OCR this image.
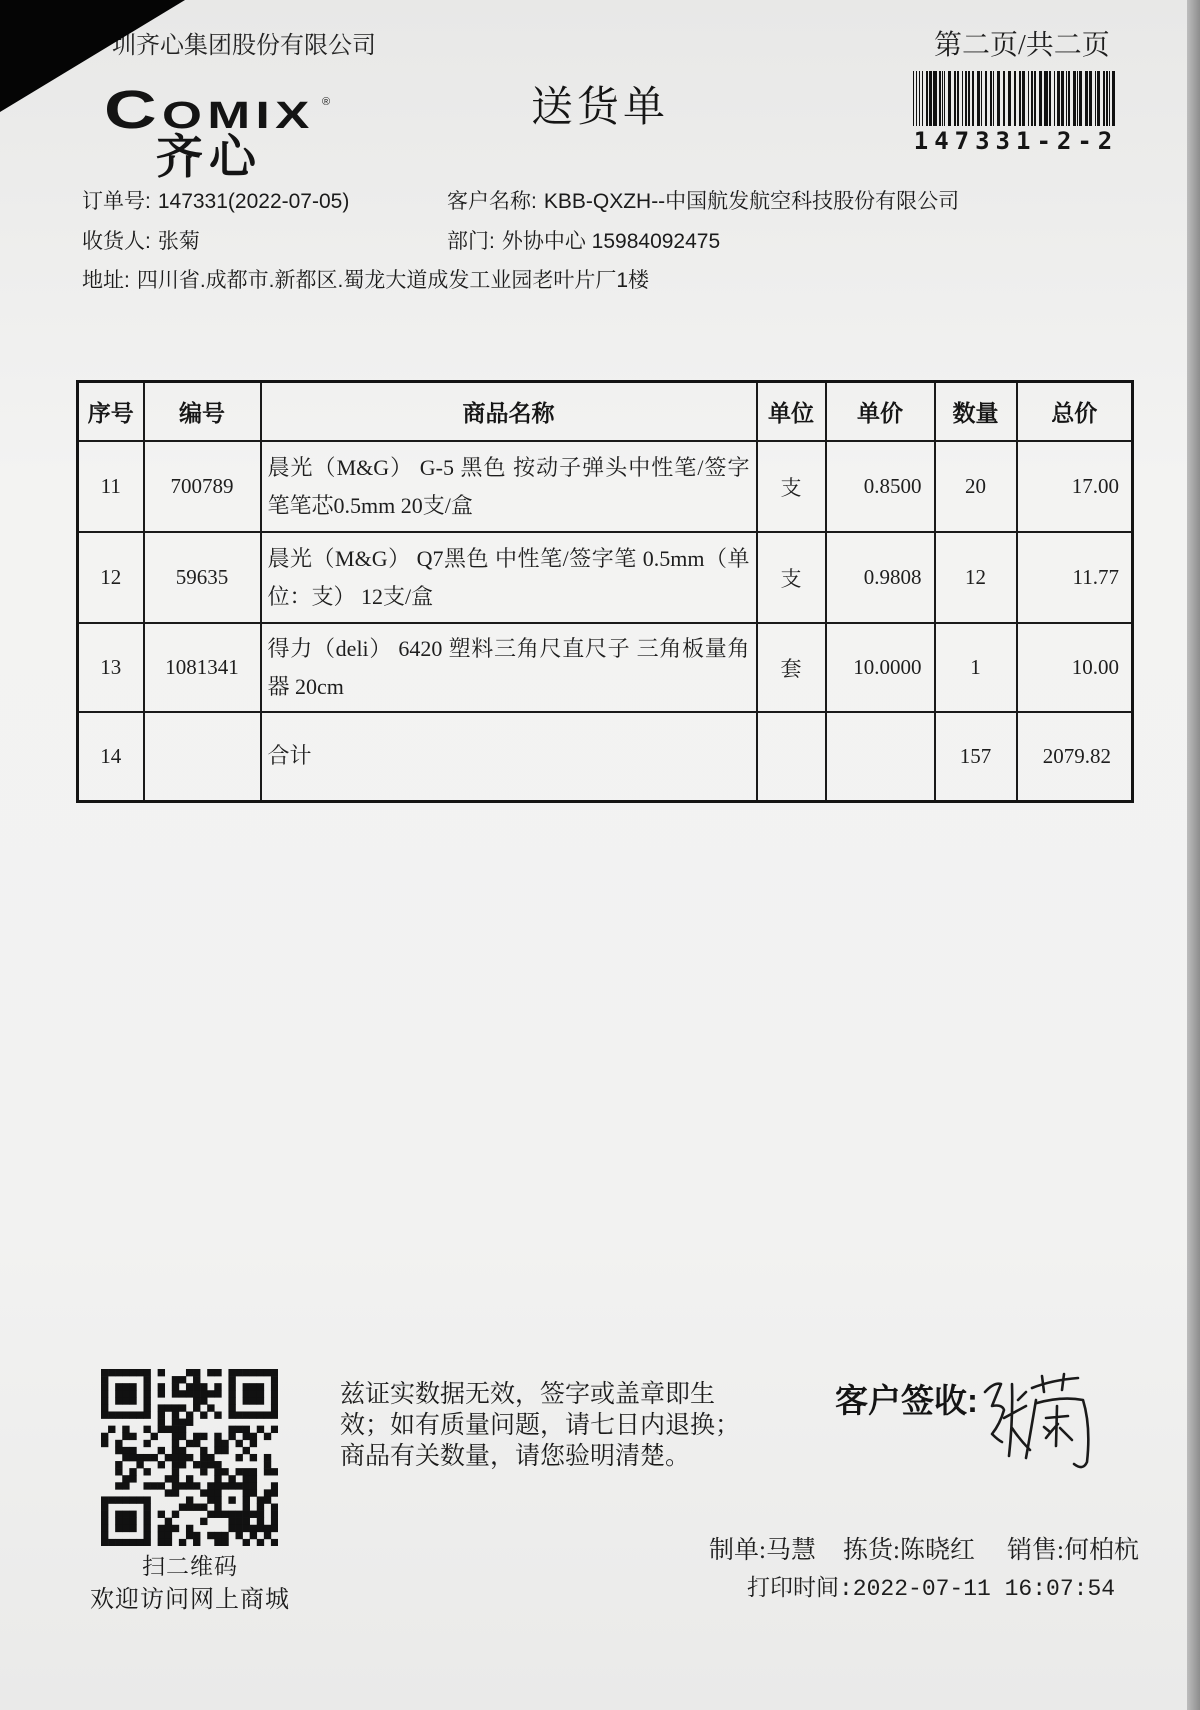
圳齐心集团股份有限公司	第二页/共二页
147331-2-2
Comix ®
齐心
送货单
订单号: 147331(2022-07-05)	客户名称: KBB-QXZH--中国航发航空科技股份有限公司
收货人: 张菊	部门: 外协中心 15984092475
地址: 四川省.成都市.新都区.蜀龙大道成发工业园老叶片厂1楼
序号	编号	商品名称	单位	单价	数量	总价
11	700789	晨光（M&G） G-5 黑色 按动子弹头中性笔/签字笔笔芯0.5mm 20支/盒	支	0.8500	20	17.00
12	59635	晨光（M&G） Q7黑色 中性笔/签字笔 0.5mm（单位：支） 12支/盒	支	0.9808	12	11.77
13	1081341	得力（deli） 6420 塑料三角尺直尺子 三角板量角器 20cm	套	10.0000	1	10.00
14		合计			157	2079.82
扫二维码
欢迎访问网上商城
兹证实数据无效，签字或盖章即生
效；如有质量问题，请七日内退换；
商品有关数量，请您验明清楚。
客户签收:
制单:马慧 拣货:陈晓红 销售:何柏杭
打印时间:2022-07-11 16:07:54
